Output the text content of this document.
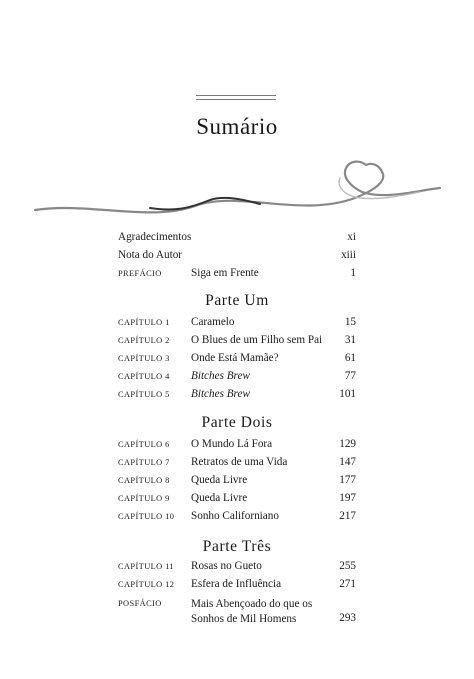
Sumário
Agradecimentos	xi
Nota do Autor	xiii
PREFÁCIO	Siga em Frente	1
Parte Um
CAPÍTULO 1 Caramelo	15
CAPÍTULO 2 O Blues de um Filho sem Pai 31
CAPÍTULO 3 Onde Está Mamãe?	61
CAPÍTULO 4 Bitches Brew	77
CAPÍTULO 5 Bitches Brew	101
Parte Dois
CAPÍTULO 6 O Mundo Lá Fora	129
CAPÍTULO 7 Retratos de uma Vida	147
CAPÍTULO 8 Queda Livre	177
CAPÍTULO 9 Queda Livre	197
CAPÍTULO 10 Sonho Californiano	217
Parte Três
CAPÍTULO 11 Rosas no Gueto	255
CAPÍTULO 12 Esfera de Influência	271
POSFÁCIO	Mais Abençoado do que os
Sonhos de Mil Homens	293
